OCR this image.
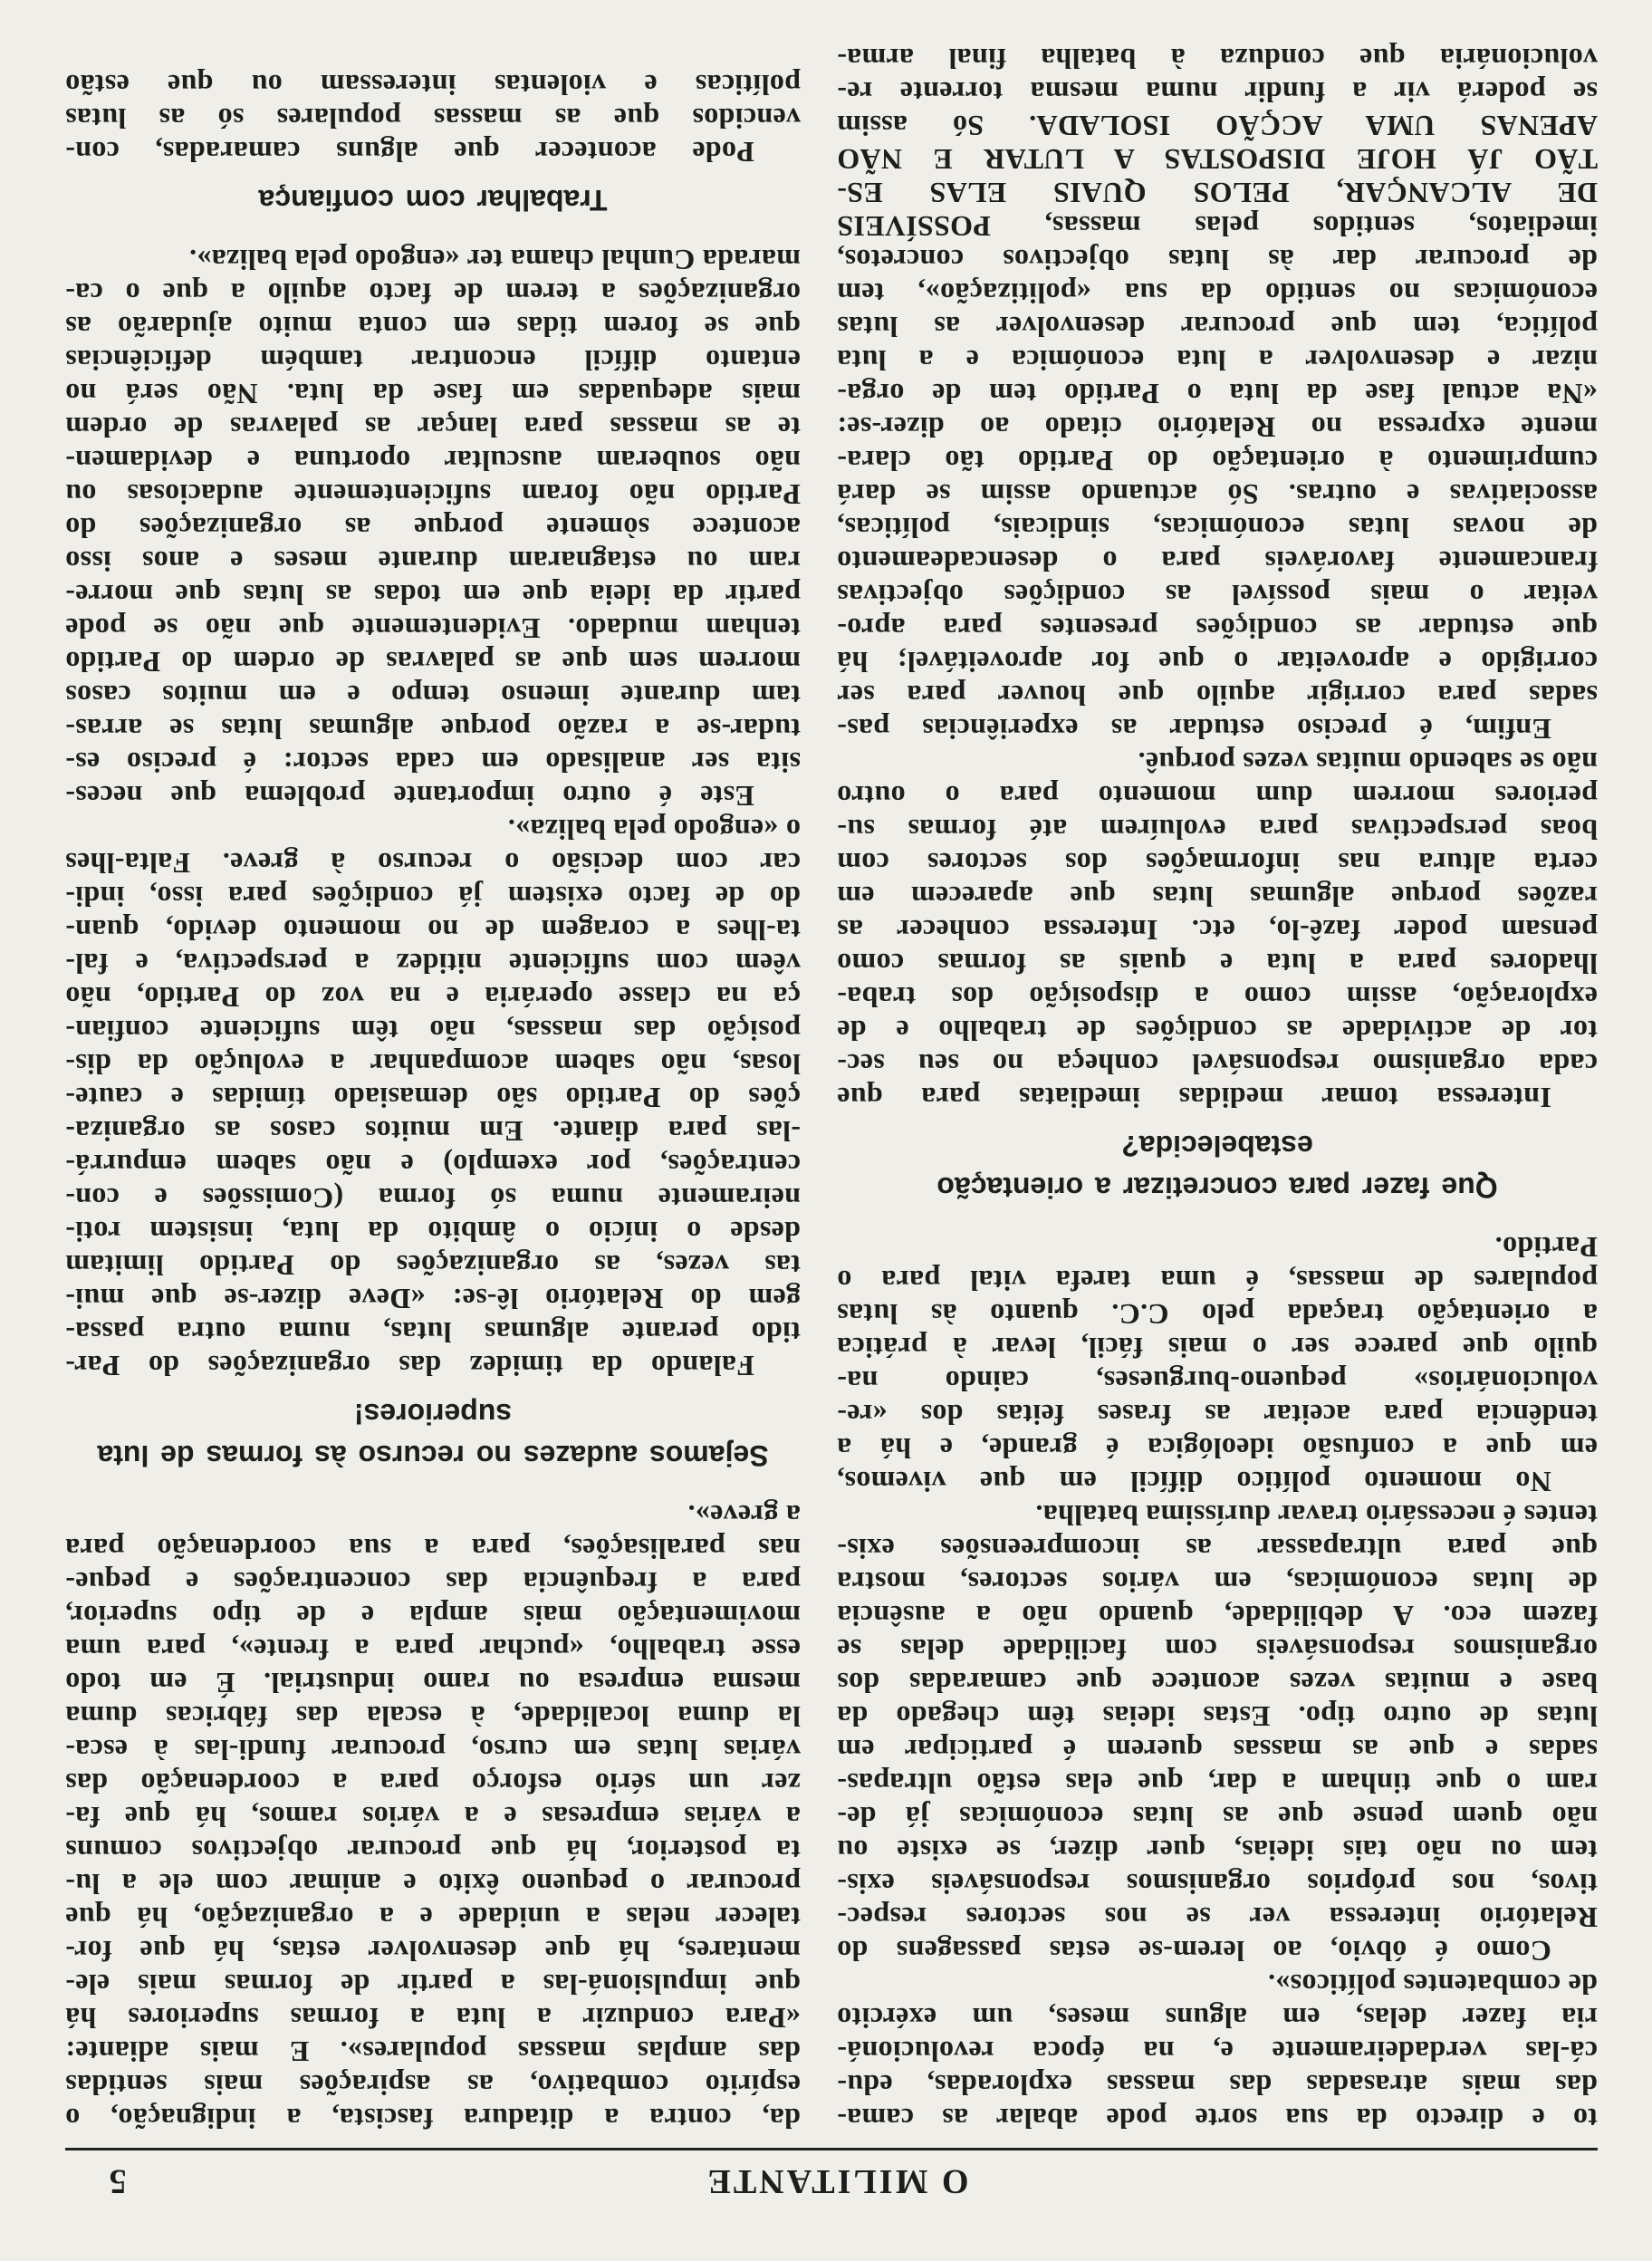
O MILITANTE
5
to e directo da sua sorte pode abalar as cama-
das mais atrasadas das massas exploradas, edu-
cá-las verdadeiramente e, na época revolucioná-
ria fazer delas, em alguns meses, um exército
de combatentes políticos».
Como é óbvio, ao lerem-se estas passagens do
Relatório interessa ver se nos sectores respec-
tivos, nos próprios organismos responsáveis exis-
tem ou não tais ideias, quer dizer, se existe ou
não quem pense que as lutas económicas já de-
ram o que tinham a dar, que elas estão ultrapas-
sadas e que as massas querem é participar em
lutas de outro tipo. Estas ideias têm chegado da
base e muitas vezes acontece que camaradas dos
organismos responsáveis com facilidade delas se
fazem eco. A debilidade, quando não a ausência
de lutas económicas, em vários sectores, mostra
que para ultrapassar as incompreensões exis-
tentes é necessário travar duríssima batalha.
No momento político difícil em que vivemos,
em que a confusão ideológica é grande, e há a
tendência para aceitar as frases feitas dos «re-
volucionários» pequeno-burgueses, caindo na-
quilo que parece ser o mais fácil, levar à prática
a orientação traçada pelo C.C. quanto às lutas
populares de massas, é uma tarefa vital para o
Partido.
Que fazer para concretizar a orientação
estabelecida?
Interessa tomar medidas imediatas para que
cada organismo responsável conheça no seu sec-
tor de actividade as condições de trabalho e de
exploração, assim como a disposição dos traba-
lhadores para a luta e quais as formas como
pensam poder fazê-lo, etc. Interessa conhecer as
razões porque algumas lutas que aparecem em
certa altura nas informações dos sectores com
boas perspectivas para evoluírem até formas su-
periores morrem dum momento para o outro
não se sabendo muitas vezes porquê.
Enfim, é preciso estudar as experiências pas-
sadas para corrigir aquilo que houver para ser
corrigido e aproveitar o que for aproveitável; há
que estudar as condições presentes para apro-
veitar o mais possível as condições objectivas
francamente favoráveis para o desencadeamento
de novas lutas económicas, sindicais, políticas,
associativas e outras. Só actuando assim se dará
cumprimento à orientação do Partido tão clara-
mente expressa no Relatório citado ao dizer-se:
«Na actual fase da luta o Partido tem de orga-
nizar e desenvolver a luta económica e a luta
política, tem que procurar desenvolver as lutas
económicas no sentido da sua «politização», tem
de procurar dar às lutas objectivos concretos,
imediatos, sentidos pelas massas, POSSÍVEIS
DE ALCANÇAR, PELOS QUAIS ELAS ES-
TÃO JÁ HOJE DISPOSTAS A LUTAR E NÃO
APENAS UMA ACÇÃO ISOLADA. Só assim
se poderá vir a fundir numa mesma torrente re-
volucionária que conduza à batalha final arma-
da, contra a ditadura fascista, a indignação, o
espírito combativo, as aspirações mais sentidas
das amplas massas populares». E mais adiante:
«Para conduzir a luta a formas superiores há
que impulsioná-las a partir de formas mais ele-
mentares, há que desenvolver estas, há que for-
talecer nelas a unidade e a organização, há que
procurar o pequeno êxito e animar com ele a lu-
ta posterior, há que procurar objectivos comuns
a várias empresas e a vários ramos, há que fa-
zer um sério esforço para a coordenação das
várias lutas em curso, procurar fundi-las à esca-
la duma localidade, à escala das fábricas duma
mesma empresa ou ramo industrial. É em todo
esse trabalho, «puchar para a frente», para uma
movimentação mais ampla e de tipo superior,
para a frequência das concentrações e peque-
nas paralisações, para a sua coordenação para
a greve».
Sejamos audazes no recurso às formas de luta
superiores!
Falando da timidez das organizações do Par-
tido perante algumas lutas, numa outra passa-
gem do Relatório lê-se: «Deve dizer-se que mui-
tas vezes, as organizações do Partido limitam
desde o início o âmbito da luta, insistem roti-
neiramente numa só forma (Comissões e con-
centrações, por exemplo) e não sabem empurrá-
-las para diante. Em muitos casos as organiza-
ções do Partido são demasiado tímidas e caute-
losas, não sabem acompanhar a evolução da dis-
posição das massas, não têm suficiente confian-
ça na classe operária e na voz do Partido, não
vêem com suficiente nitidez a perspectiva, e fal-
ta-lhes a coragem de no momento devido, quan-
do de facto existem já condições para isso, indi-
car com decisão o recurso à greve. Falta-lhes
o «engodo pela baliza».
Este é outro importante problema que neces-
sita ser analisado em cada sector: é preciso es-
tudar-se a razão porque algumas lutas se arras-
tam durante imenso tempo e em muitos casos
morrem sem que as palavras de ordem do Partido
tenham mudado. Evidentemente que não se pode
partir da ideia que em todas as lutas que morre-
ram ou estagnaram durante meses e anos isso
acontece sòmente porque as organizações do
Partido não foram suficientemente audaciosas ou
não souberam auscultar oportuna e devidamen-
te as massas para lançar as palavras de ordem
mais adequadas em fase da luta. Não será no
entanto difícil encontrar também deficiências
que se forem tidas em conta muito ajudarão as
organizações a terem de facto aquilo a que o ca-
marada Cunhal chama ter «engodo pela baliza».
Trabalhar com confiança
Pode acontecer que alguns camaradas, con-
vencidos que as massas populares só as lutas
políticas e violentas interessam ou que estão
